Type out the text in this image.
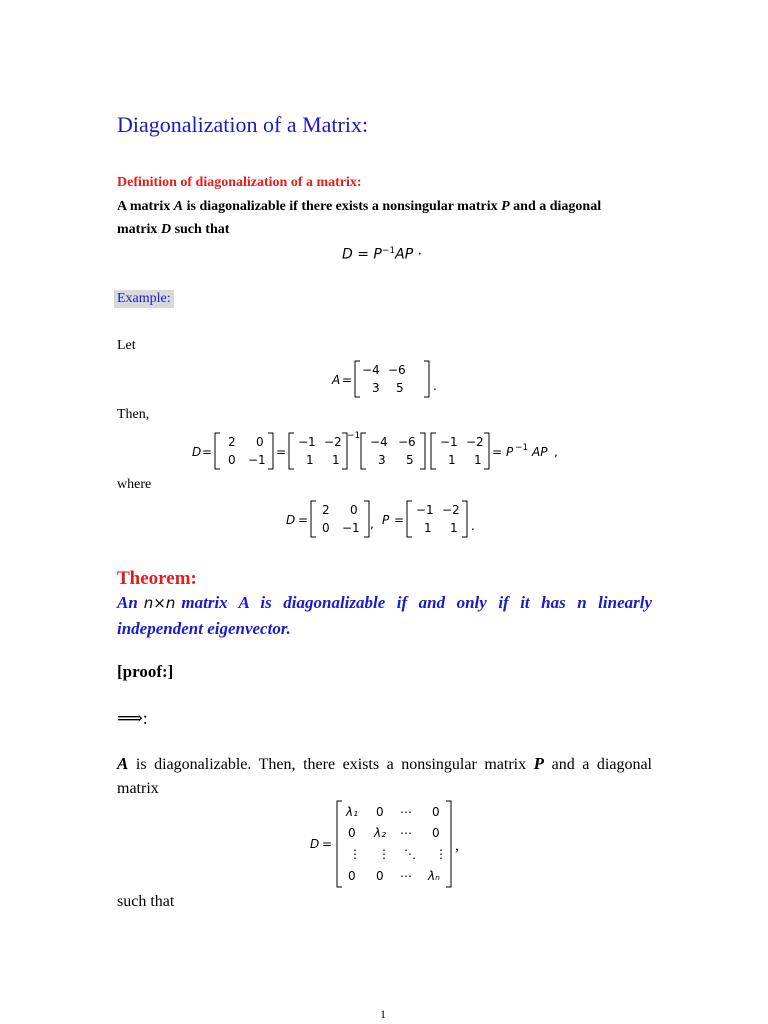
Diagonalization of a Matrix:
Definition of diagonalization of a matrix:
A matrix A is diagonalizable if there exists a nonsingular matrix P and a diagonal
matrix D such that
$D = P^{-1}AP$ ·
Example:
Let
A =
−4 −6
3 5 .
Then,
D =
2 0
0 −1
=
−1 −2
1 1
−1 −4 −6
3 5
−1 −2
1 1
= P −1 AP ,
where
D =
2 0
0 −1 , P =
−1 −2
1 1 .
Theorem:
An n×n matrix A is diagonalizable if and only if it has n linearly independent eigenvector.
[proof:]
⟹:
A is diagonalizable. Then, there exists a nonsingular matrix P and a diagonal matrix
D =
λ₁ 0 ⋯ 0
0 λ₂ ⋯ 0
⋮ ⋮ ⋱ ⋮
0 0 ⋯ λₙ
,
such that
1
